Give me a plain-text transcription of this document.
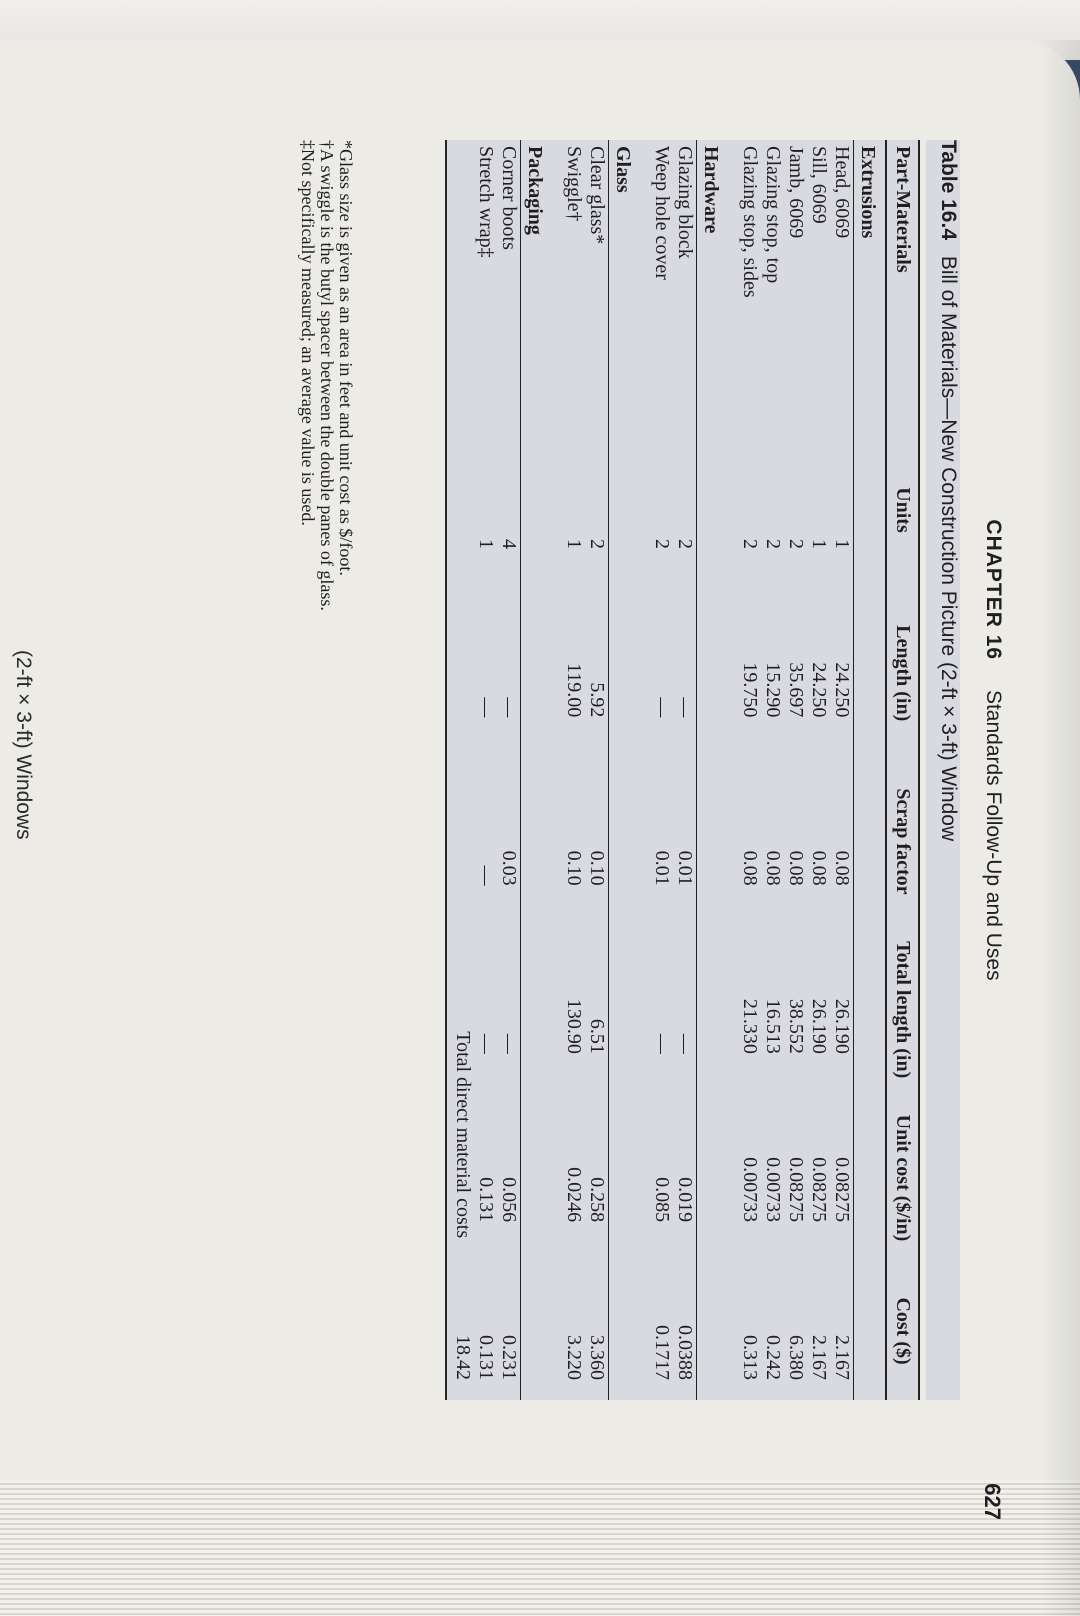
CHAPTER 16 Standards Follow-Up and Uses
627
Table 16.4 Bill of Materials—New Construction Picture (2-ft × 3-ft) Window
Part-Materials	Units	Length (in)	Scrap factor	Total length (in)	Unit cost ($/in)	Cost ($)
Extrusions						
Head, 6069	1	24.250	0.08	26.190	0.08275	2.167
Sill, 6069	1	24.250	0.08	26.190	0.08275	2.167
Jamb, 6069	2	35.697	0.08	38.552	0.08275	6.380
Glazing stop, top	2	15.290	0.08	16.513	0.00733	0.242
Glazing stop, sides	2	19.750	0.08	21.330	0.00733	0.313

Hardware						
Glazing block	2	—	0.01	—	0.019	0.0388
Weep hole cover	2	—	0.01	—	0.085	0.1717

Glass						
Clear glass*	2	5.92	0.10	6.51	0.258	3.360
Swiggle†	1	119.00	0.10	130.90	0.0246	3.220

Packaging						
Corner boots	4	—	0.03	—	0.056	0.231
Stretch wrap‡	1	—	—	—	0.131	0.131
Total direct material costs						18.42
*Glass size is given as an area in feet and unit cost as $/foot.
†A swiggle is the butyl spacer between the double panes of glass.
‡Not specifically measured; an average value is used.
(2-ft × 3-ft) Windows
